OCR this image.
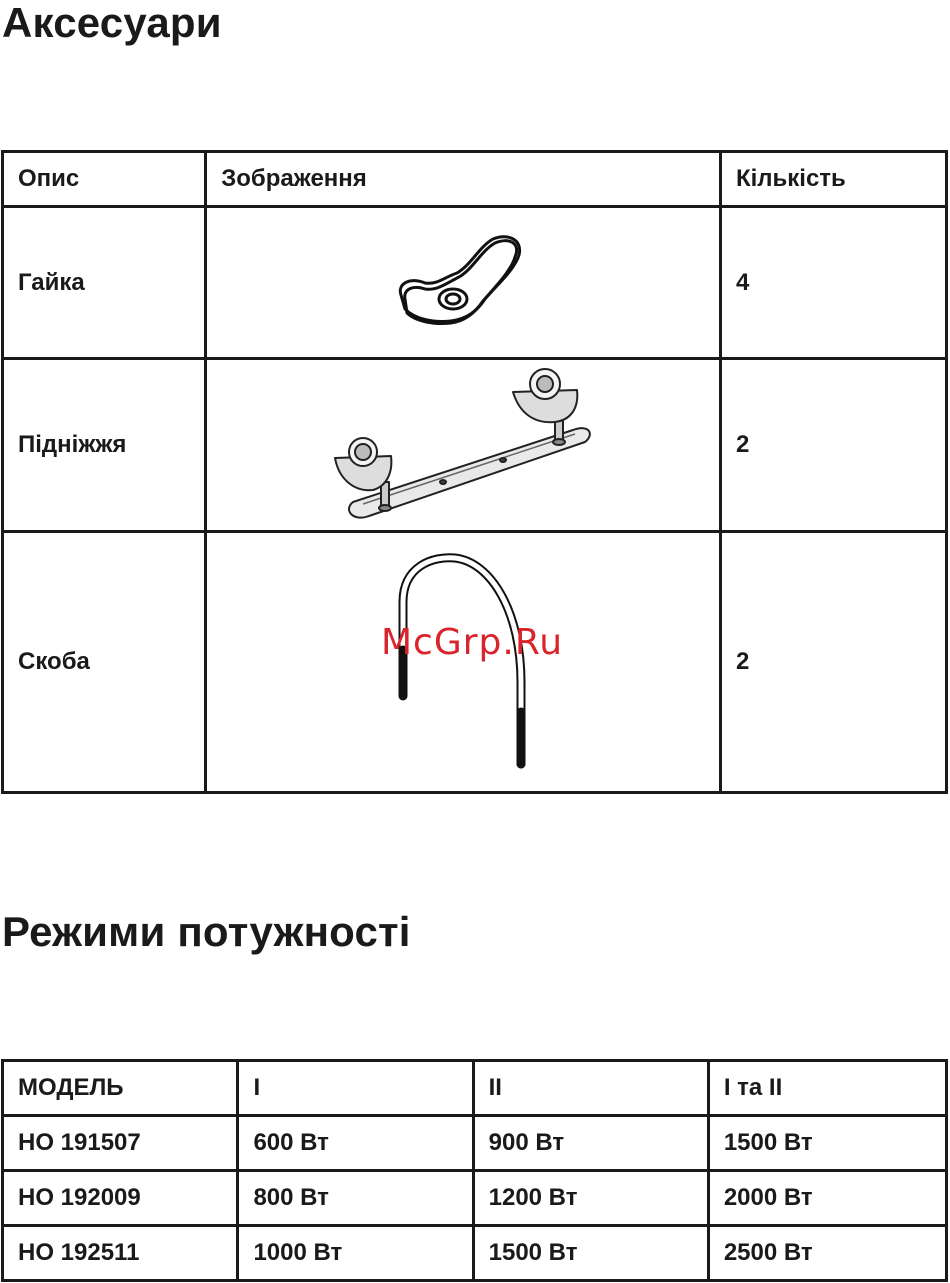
Аксесуари
Опис	Зображення	Кількість
Гайка		4
Підніжжя		2
Скоба		2
McGrp.Ru
Режими потужності
МОДЕЛЬ	I	II	I та II
HO 191507	600 Вт	900 Вт	1500 Вт
HO 192009	800 Вт	1200 Вт	2000 Вт
HO 192511	1000 Вт	1500 Вт	2500 Вт
